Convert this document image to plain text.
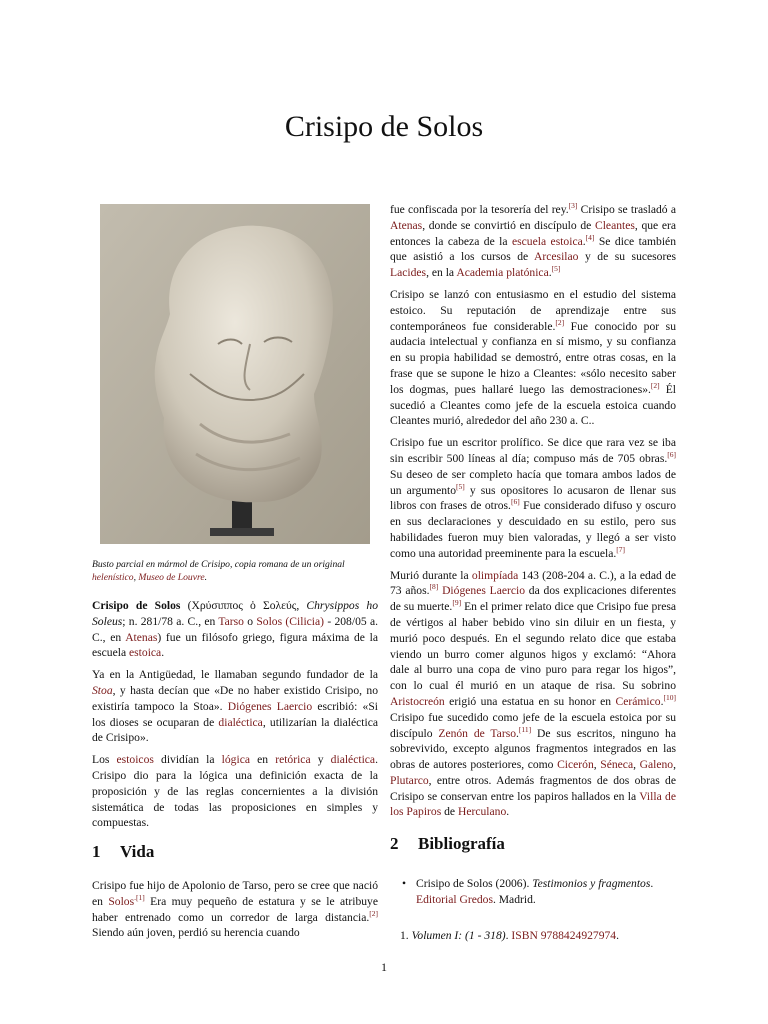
Crisipo de Solos
Busto parcial en mármol de Crisipo, copia romana de un original helenístico, Museo de Louvre.

Crisipo de Solos (Χρύσιππος ὁ Σολεύς, Chrysippos ho Soleus; n. 281/78 a. C., en Tarso o Solos (Cilicia) - 208/05 a. C., en Atenas) fue un filósofo griego, figura máxima de la escuela estoica.

Ya en la Antigüedad, le llamaban segundo fundador de la Stoa, y hasta decían que «De no haber existido Crisipo, no existiría tampoco la Stoa». Diógenes Laercio escribió: «Si los dioses se ocuparan de dialéctica, utilizarían la dialéctica de Crisipo».

Los estoicos dividían la lógica en retórica y dialéctica. Crisipo dio para la lógica una definición exacta de la proposición y de las reglas concernientes a la división sistemática de todas las proposiciones en simples y compuestas.

1 Vida

Crisipo fue hijo de Apolonio de Tarso, pero se cree que nació en Solos$^{.[1]}$ Era muy pequeño de estatura y se le atribuye haber entrenado como un corredor de larga distancia.[2] Siendo aún joven, perdió su herencia cuando

fue confiscada por la tesorería del rey.[3] Crisipo se trasladó a Atenas, donde se convirtió en discípulo de Cleantes, que era entonces la cabeza de la escuela estoica.[4] Se dice también que asistió a los cursos de Arcesilao y de su sucesores Lacides, en la Academia platónica.[5]

Crisipo se lanzó con entusiasmo en el estudio del sistema estoico. Su reputación de aprendizaje entre sus contemporáneos fue considerable.[2] Fue conocido por su audacia intelectual y confianza en sí mismo, y su confianza en su propia habilidad se demostró, entre otras cosas, en la frase que se supone le hizo a Cleantes: «sólo necesito saber los dogmas, pues hallaré luego las demostraciones».[2] Él sucedió a Cleantes como jefe de la escuela estoica cuando Cleantes murió, alrededor del año 230 a. C..

Crisipo fue un escritor prolífico. Se dice que rara vez se iba sin escribir 500 líneas al día; compuso más de 705 obras.[6] Su deseo de ser completo hacía que tomara ambos lados de un argumento[5] y sus opositores lo acusaron de llenar sus libros con frases de otros.[6] Fue considerado difuso y oscuro en sus declaraciones y descuidado en su estilo, pero sus habilidades fueron muy bien valoradas, y llegó a ser visto como una autoridad preeminente para la escuela.[7]

Murió durante la olimpíada 143 (208-204 a. C.), a la edad de 73 años.[8] Diógenes Laercio da dos explicaciones diferentes de su muerte.[9] En el primer relato dice que Crisipo fue presa de vértigos al haber bebido vino sin diluir en un fiesta, y murió poco después. En el segundo relato dice que estaba viendo un burro comer algunos higos y exclamó: “Ahora dale al burro una copa de vino puro para regar los higos”, con lo cual él murió en un ataque de risa. Su sobrino Aristocreón erigió una estatua en su honor en Cerámico.[10] Crisipo fue sucedido como jefe de la escuela estoica por su discípulo Zenón de Tarso.[11] De sus escritos, ninguno ha sobrevivido, excepto algunos fragmentos integrados en las obras de autores posteriores, como Cicerón, Séneca, Galeno, Plutarco, entre otros. Además fragmentos de dos obras de Crisipo se conservan entre los papiros hallados en la Villa de los Papiros de Herculano.

2 Bibliografía
• Crisipo de Solos (2006). Testimonios y fragmentos. Editorial Gredos. Madrid.
1. Volumen I: (1 - 318). ISBN 9788424927974.
1
